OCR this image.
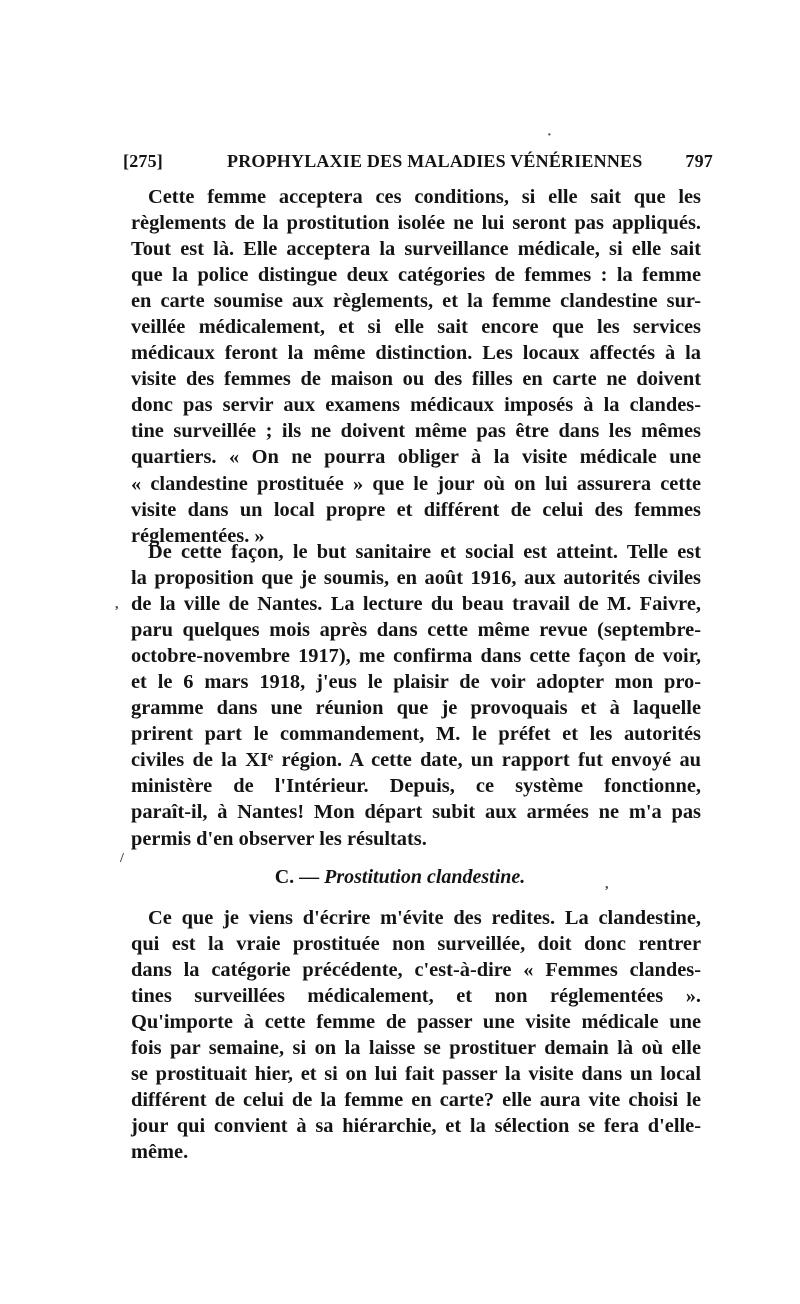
[275]	PROPHYLAXIE DES MALADIES VÉNÉRIENNES 797
Cette femme acceptera ces conditions, si elle sait que les
règlements de la prostitution isolée ne lui seront pas appliqués.
Tout est là. Elle acceptera la surveillance médicale, si elle sait
que la police distingue deux catégories de femmes : la femme
en carte soumise aux règlements, et la femme clandestine sur-
veillée médicalement, et si elle sait encore que les services
médicaux feront la même distinction. Les locaux affectés à la
visite des femmes de maison ou des filles en carte ne doivent
donc pas servir aux examens médicaux imposés à la clandes-
tine surveillée ; ils ne doivent même pas être dans les mêmes
quartiers. « On ne pourra obliger à la visite médicale une
« clandestine prostituée » que le jour où on lui assurera cette
visite dans un local propre et différent de celui des femmes
réglementées. »
De cette façon, le but sanitaire et social est atteint. Telle est
la proposition que je soumis, en août 1916, aux autorités civiles
de la ville de Nantes. La lecture du beau travail de M. Faivre,
paru quelques mois après dans cette même revue (septembre-
octobre-novembre 1917), me confirma dans cette façon de voir,
et le 6 mars 1918, j'eus le plaisir de voir adopter mon pro-
gramme dans une réunion que je provoquais et à laquelle
prirent part le commandement, M. le préfet et les autorités
civiles de la XIᵉ région. A cette date, un rapport fut envoyé au
ministère de l'Intérieur. Depuis, ce système fonctionne,
paraît-il, à Nantes! Mon départ subit aux armées ne m'a pas
permis d'en observer les résultats.
C. — Prostitution clandestine.
Ce que je viens d'écrire m'évite des redites. La clandestine,
qui est la vraie prostituée non surveillée, doit donc rentrer
dans la catégorie précédente, c'est-à-dire « Femmes clandes-
tines surveillées médicalement, et non réglementées ».
Qu'importe à cette femme de passer une visite médicale une
fois par semaine, si on la laisse se prostituer demain là où elle
se prostituait hier, et si on lui fait passer la visite dans un local
différent de celui de la femme en carte? elle aura vite choisi le
jour qui convient à sa hiérarchie, et la sélection se fera d'elle-
même.
·
,
/
,
